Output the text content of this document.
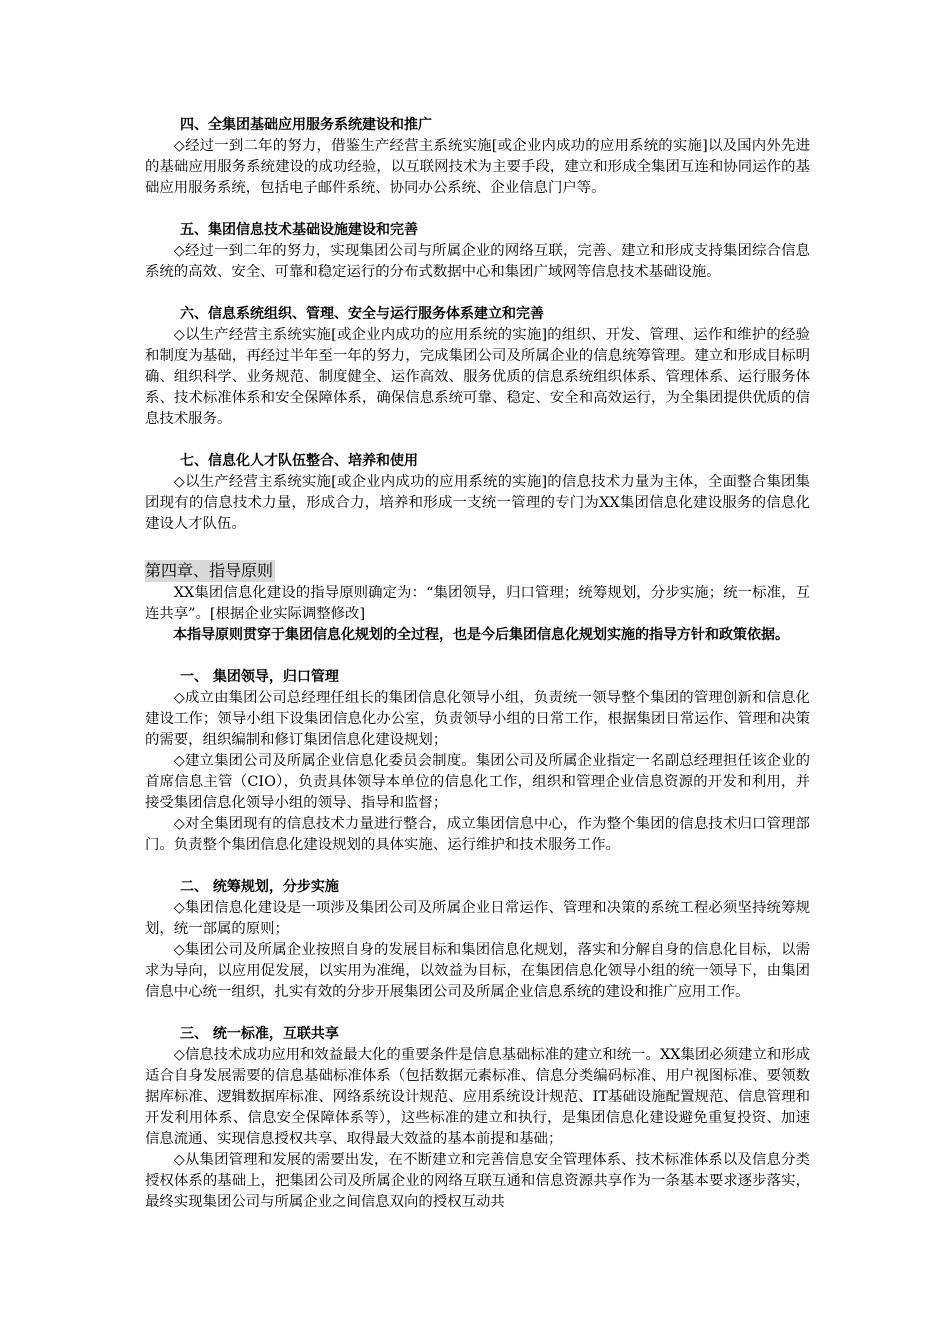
四、全集团基础应用服务系统建设和推广

◇经过一到二年的努力，借鉴生产经营主系统实施[或企业内成功的应用系统的实施]以及国内外先进的基础应用服务系统建设的成功经验，以互联网技术为主要手段，建立和形成全集团互连和协同运作的基础应用服务系统，包括电子邮件系统、协同办公系统、企业信息门户等。

五、集团信息技术基础设施建设和完善

◇经过一到二年的努力，实现集团公司与所属企业的网络互联，完善、建立和形成支持集团综合信息系统的高效、安全、可靠和稳定运行的分布式数据中心和集团广域网等信息技术基础设施。

六、信息系统组织、管理、安全与运行服务体系建立和完善

◇以生产经营主系统实施[或企业内成功的应用系统的实施]的组织、开发、管理、运作和维护的经验和制度为基础，再经过半年至一年的努力，完成集团公司及所属企业的信息统筹管理。建立和形成目标明确、组织科学、业务规范、制度健全、运作高效、服务优质的信息系统组织体系、管理体系、运行服务体系、技术标准体系和安全保障体系，确保信息系统可靠、稳定、安全和高效运行，为全集团提供优质的信息技术服务。

七、信息化人才队伍整合、培养和使用

◇以生产经营主系统实施[或企业内成功的应用系统的实施]的信息技术力量为主体，全面整合集团集团现有的信息技术力量，形成合力，培养和形成一支统一管理的专门为XX集团信息化建设服务的信息化建设人才队伍。

第四章、指导原则

XX集团信息化建设的指导原则确定为：“集团领导，归口管理；统筹规划，分步实施；统一标准，互连共享”。[根据企业实际调整修改]

本指导原则贯穿于集团信息化规划的全过程，也是今后集团信息化规划实施的指导方针和政策依据。

一、 集团领导，归口管理

◇成立由集团公司总经理任组长的集团信息化领导小组，负责统一领导整个集团的管理创新和信息化建设工作；领导小组下设集团信息化办公室，负责领导小组的日常工作，根据集团日常运作、管理和决策的需要，组织编制和修订集团信息化建设规划；

◇建立集团公司及所属企业信息化委员会制度。集团公司及所属企业指定一名副总经理担任该企业的首席信息主管（CIO），负责具体领导本单位的信息化工作，组织和管理企业信息资源的开发和利用，并接受集团信息化领导小组的领导、指导和监督；

◇对全集团现有的信息技术力量进行整合，成立集团信息中心，作为整个集团的信息技术归口管理部门。负责整个集团信息化建设规划的具体实施、运行维护和技术服务工作。

二、 统筹规划，分步实施

◇集团信息化建设是一项涉及集团公司及所属企业日常运作、管理和决策的系统工程必须坚持统筹规划，统一部属的原则；

◇集团公司及所属企业按照自身的发展目标和集团信息化规划，落实和分解自身的信息化目标，以需求为导向，以应用促发展，以实用为准绳，以效益为目标，在集团信息化领导小组的统一领导下，由集团信息中心统一组织，扎实有效的分步开展集团公司及所属企业信息系统的建设和推广应用工作。

三、 统一标准，互联共享

◇信息技术成功应用和效益最大化的重要条件是信息基础标准的建立和统一。XX集团必须建立和形成适合自身发展需要的信息基础标准体系（包括数据元素标准、信息分类编码标准、用户视图标准、要领数据库标准、逻辑数据库标准、网络系统设计规范、应用系统设计规范、IT基础设施配置规范、信息管理和开发利用体系、信息安全保障体系等），这些标准的建立和执行，是集团信息化建设避免重复投资、加速信息流通、实现信息授权共享、取得最大效益的基本前提和基础；

◇从集团管理和发展的需要出发，在不断建立和完善信息安全管理体系、技术标准体系以及信息分类授权体系的基础上，把集团公司及所属企业的网络互联互通和信息资源共享作为一条基本要求逐步落实，最终实现集团公司与所属企业之间信息双向的授权互动共
